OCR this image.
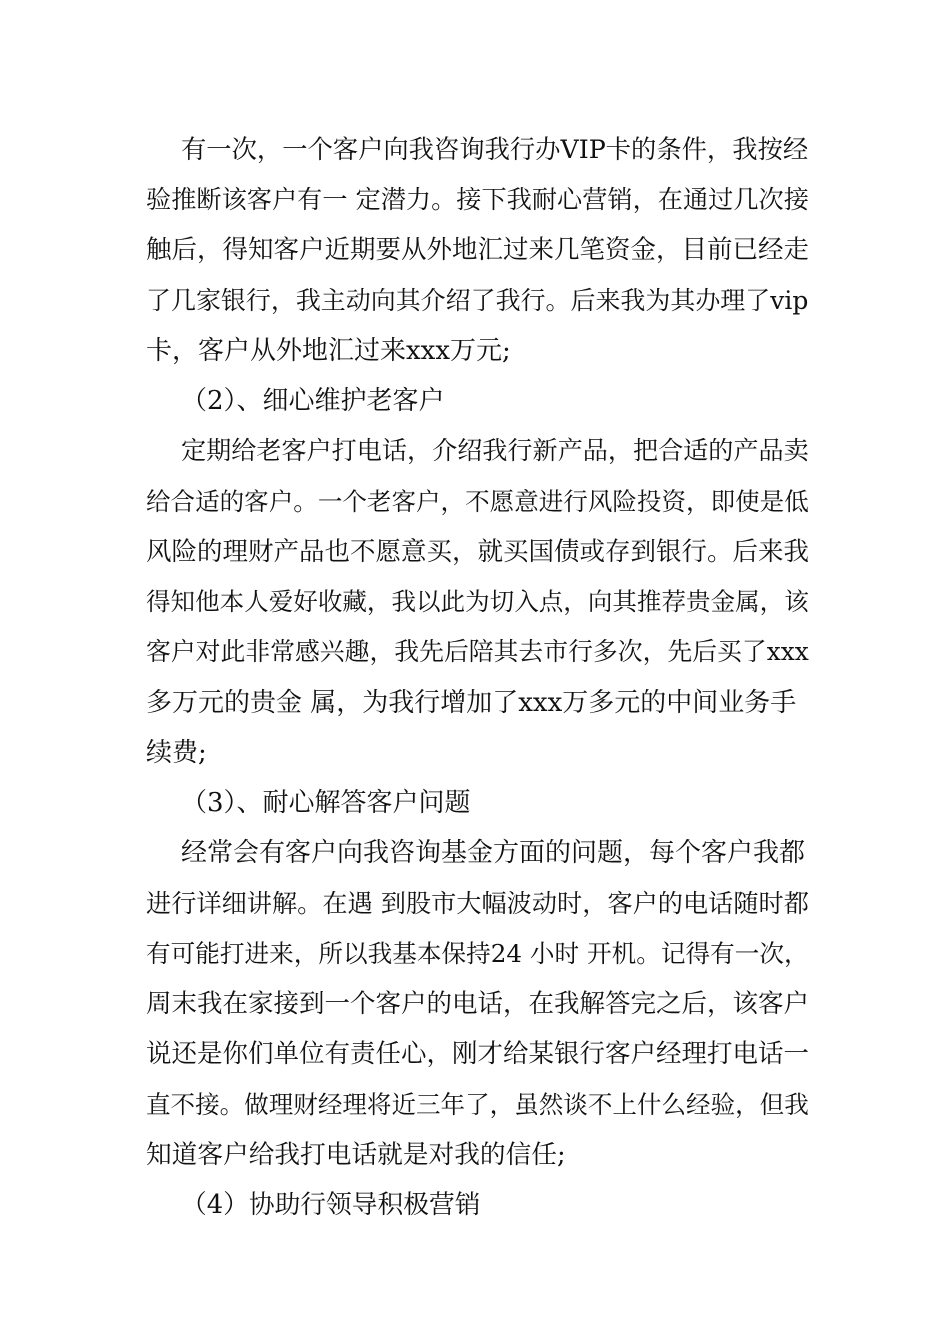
有一次，一个客户向我咨询我行办VIP卡的条件，我按经
验推断该客户有一 定潜力。接下我耐心营销，在通过几次接
触后，得知客户近期要从外地汇过来几笔资金，目前已经走
了几家银行，我主动向其介绍了我行。后来我为其办理了vip
卡，客户从外地汇过来xxx万元;
（2）、细心维护老客户
定期给老客户打电话，介绍我行新产品，把合适的产品卖
给合适的客户。一个老客户，不愿意进行风险投资，即使是低
风险的理财产品也不愿意买，就买国债或存到银行。后来我
得知他本人爱好收藏，我以此为切入点，向其推荐贵金属，该
客户对此非常感兴趣，我先后陪其去市行多次，先后买了xxx
多万元的贵金 属，为我行增加了xxx万多元的中间业务手
续费;
（3）、耐心解答客户问题
经常会有客户向我咨询基金方面的问题，每个客户我都
进行详细讲解。在遇 到股市大幅波动时，客户的电话随时都
有可能打进来，所以我基本保持24 小时 开机。记得有一次，
周末我在家接到一个客户的电话，在我解答完之后，该客户
说还是你们单位有责任心，刚才给某银行客户经理打电话一
直不接。做理财经理将近三年了，虽然谈不上什么经验，但我
知道客户给我打电话就是对我的信任;
（4）协助行领导积极营销
